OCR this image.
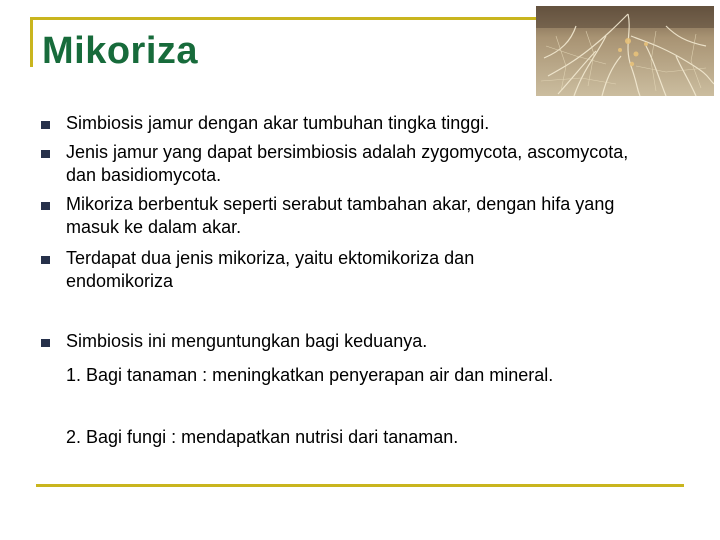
Mikoriza
Simbiosis jamur dengan akar tumbuhan tingka tinggi.
Jenis jamur yang dapat bersimbiosis adalah zygomycota, ascomycota, dan basidiomycota.
Mikoriza berbentuk seperti serabut tambahan akar, dengan hifa yang masuk ke dalam akar.
Terdapat dua jenis mikoriza, yaitu ektomikoriza dan endomikoriza
Simbiosis ini menguntungkan bagi keduanya.
1. Bagi tanaman : meningkatkan penyerapan air dan mineral.
2. Bagi fungi : mendapatkan nutrisi dari tanaman.
